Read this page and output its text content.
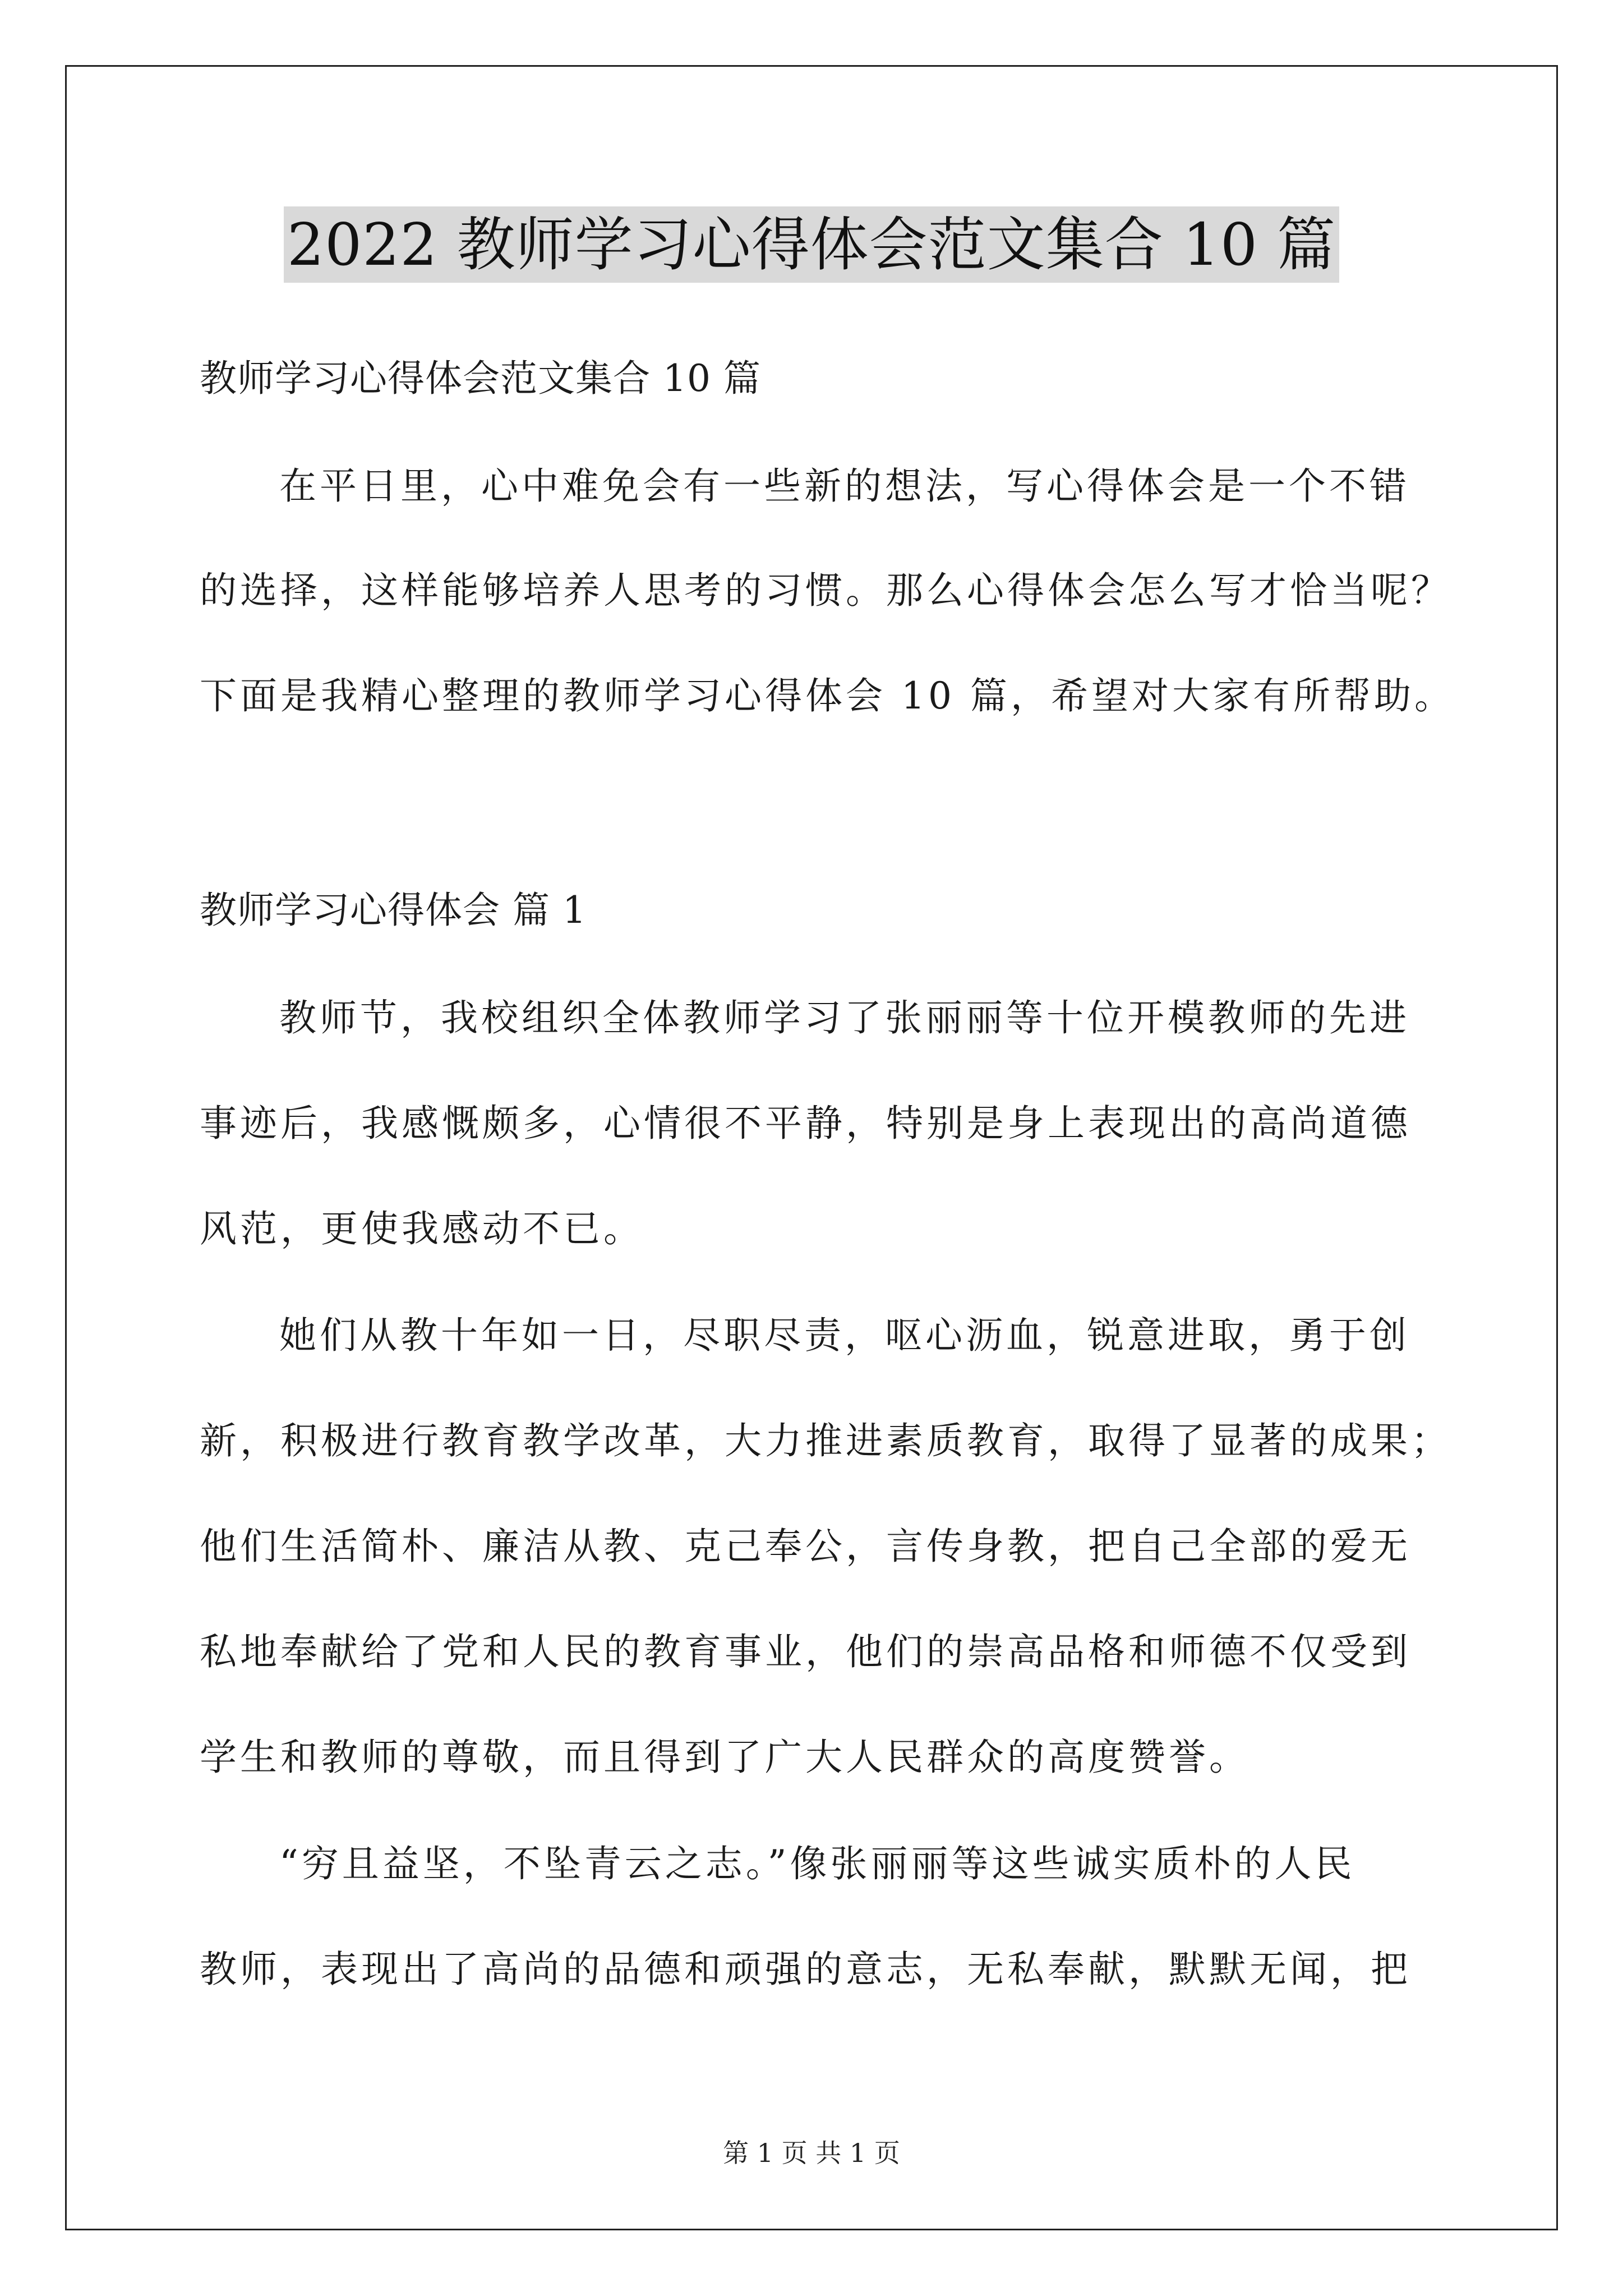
2022 教师学习心得体会范文集合 10 篇
教师学习心得体会范文集合 10 篇
在平日里，心中难免会有一些新的想法，写心得体会是一个不错
的选择，这样能够培养人思考的习惯。那么心得体会怎么写才恰当呢？
下面是我精心整理的教师学习心得体会 10 篇，希望对大家有所帮助。
教师学习心得体会 篇 1
教师节，我校组织全体教师学习了张丽丽等十位开模教师的先进
事迹后，我感慨颇多，心情很不平静，特别是身上表现出的高尚道德
风范，更使我感动不已。
她们从教十年如一日，尽职尽责，呕心沥血，锐意进取，勇于创
新，积极进行教育教学改革，大力推进素质教育，取得了显著的成果；
他们生活简朴、廉洁从教、克己奉公，言传身教，把自己全部的爱无
私地奉献给了党和人民的教育事业，他们的崇高品格和师德不仅受到
学生和教师的尊敬，而且得到了广大人民群众的高度赞誉。
“穷且益坚，不坠青云之志。”像张丽丽等这些诚实质朴的人民
教师，表现出了高尚的品德和顽强的意志，无私奉献，默默无闻，把
第 1 页 共 1 页
